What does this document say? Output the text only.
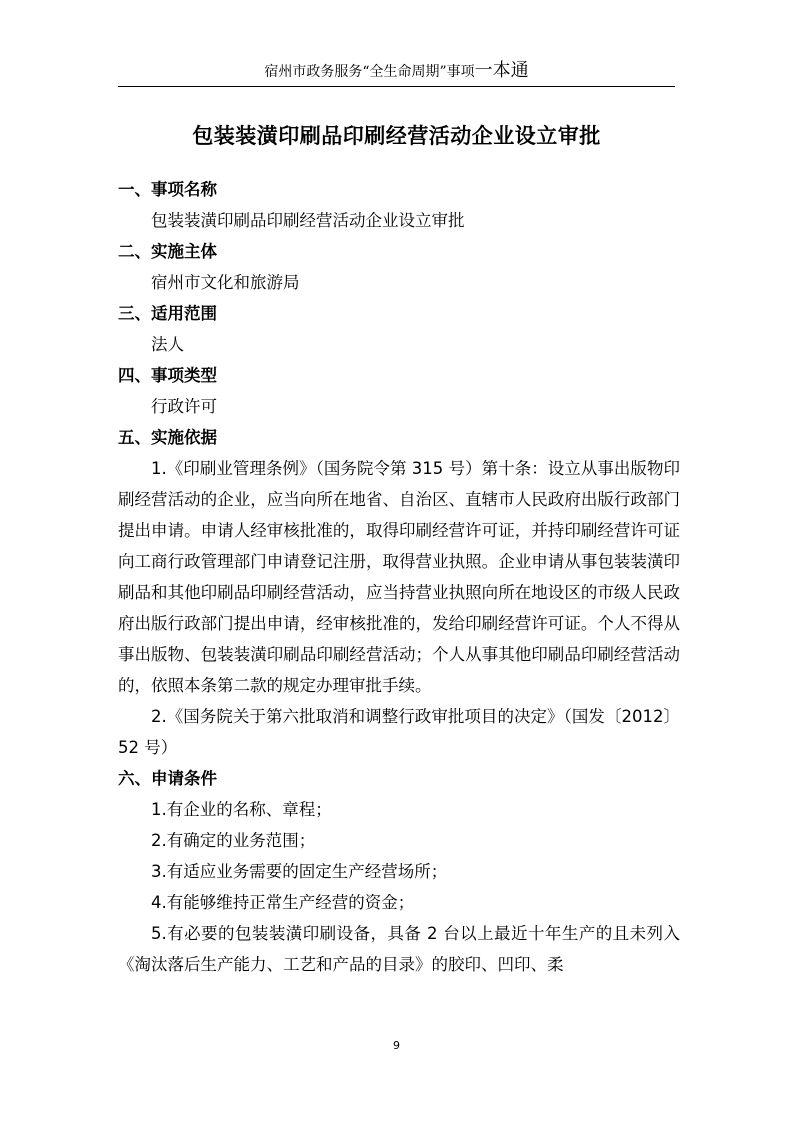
宿州市政务服务“全生命周期”事项一本通
包装装潢印刷品印刷经营活动企业设立审批
一、事项名称
包装装潢印刷品印刷经营活动企业设立审批
二、实施主体
宿州市文化和旅游局
三、适用范围
法人
四、事项类型
行政许可
五、实施依据
1.《印刷业管理条例》（国务院令第 315 号）第十条：设立从事出版物印刷经营活动的企业，应当向所在地省、自治区、直辖市人民政府出版行政部门提出申请。申请人经审核批准的，取得印刷经营许可证，并持印刷经营许可证向工商行政管理部门申请登记注册，取得营业执照。企业申请从事包装装潢印刷品和其他印刷品印刷经营活动，应当持营业执照向所在地设区的市级人民政府出版行政部门提出申请，经审核批准的，发给印刷经营许可证。个人不得从事出版物、包装装潢印刷品印刷经营活动；个人从事其他印刷品印刷经营活动的，依照本条第二款的规定办理审批手续。
2.《国务院关于第六批取消和调整行政审批项目的决定》（国发〔2012〕52 号）
六、申请条件
1.有企业的名称、章程；
2.有确定的业务范围；
3.有适应业务需要的固定生产经营场所；
4.有能够维持正常生产经营的资金；
5.有必要的包装装潢印刷设备，具备 2 台以上最近十年生产的且未列入《淘汰落后生产能力、工艺和产品的目录》的胶印、凹印、柔
9
